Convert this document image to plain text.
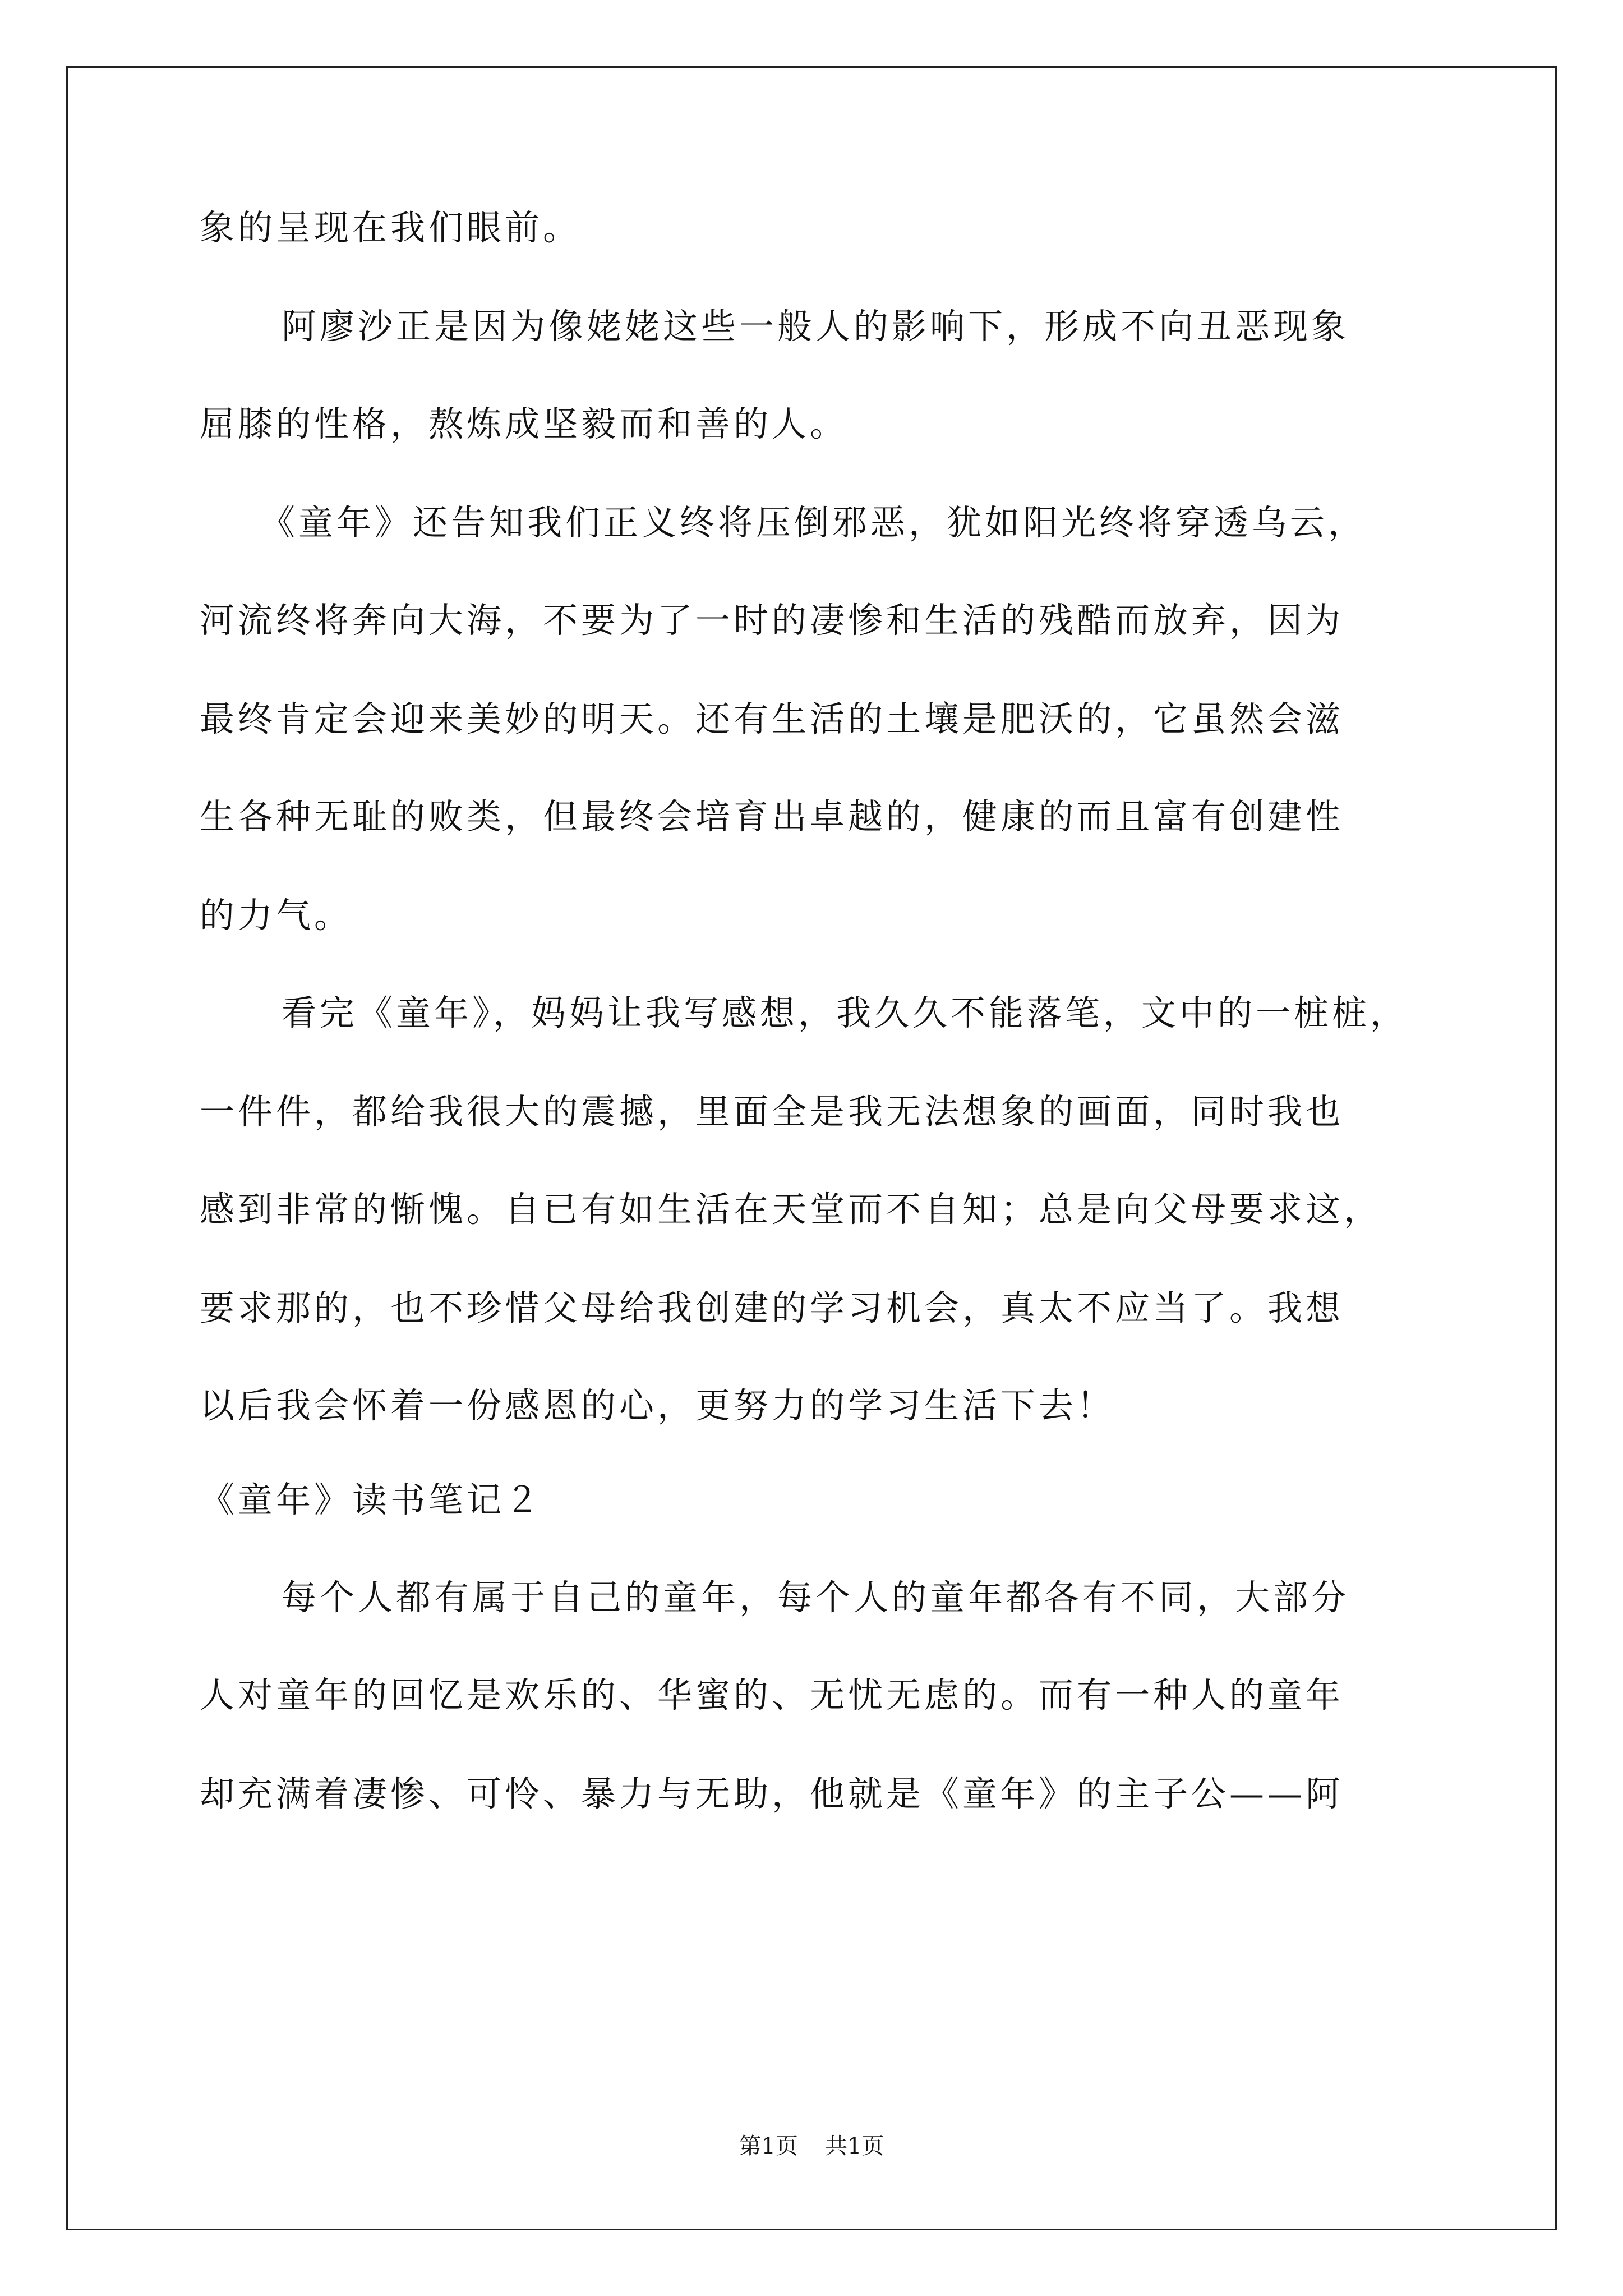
象的呈现在我们眼前。
阿廖沙正是因为像姥姥这些一般人的影响下，形成不向丑恶现象
屈膝的性格，熬炼成坚毅而和善的人。
《童年》还告知我们正义终将压倒邪恶，犹如阳光终将穿透乌云，
河流终将奔向大海，不要为了一时的凄惨和生活的残酷而放弃，因为
最终肯定会迎来美妙的明天。还有生活的土壤是肥沃的，它虽然会滋
生各种无耻的败类，但最终会培育出卓越的，健康的而且富有创建性
的力气。
看完《童年》，妈妈让我写感想，我久久不能落笔，文中的一桩桩，
一件件，都给我很大的震撼，里面全是我无法想象的画面，同时我也
感到非常的惭愧。自已有如生活在天堂而不自知；总是向父母要求这，
要求那的，也不珍惜父母给我创建的学习机会，真太不应当了。我想
以后我会怀着一份感恩的心，更努力的学习生活下去！
《童年》读书笔记２
每个人都有属于自己的童年，每个人的童年都各有不同，大部分
人对童年的回忆是欢乐的、华蜜的、无忧无虑的。而有一种人的童年
却充满着凄惨、可怜、暴力与无助，他就是《童年》的主子公——阿
第1页 共1页
